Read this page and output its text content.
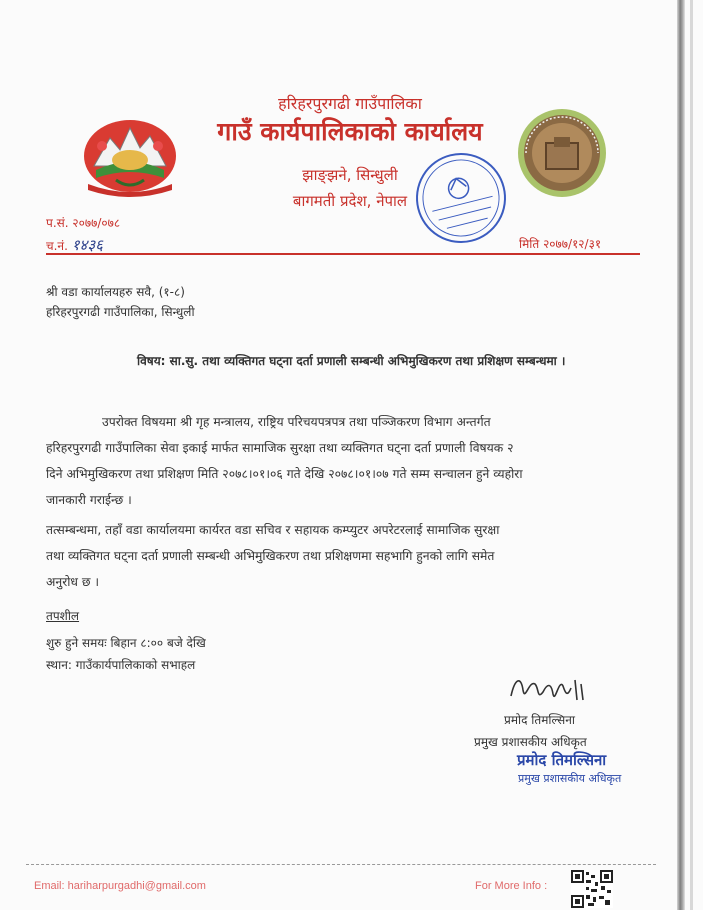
हरिहरपुरगढी गाउँपालिका
गाउँ कार्यपालिकाको कार्यालय
झाङ्झने, सिन्धुली
बागमती प्रदेश, नेपाल
प.सं. २०७७/०७८
च.नं. १४३६	मिति २०७७/१२/३१
श्री वडा कार्यालयहरु सवै, (१-८)
हरिहरपुरगढी गाउँपालिका, सिन्धुली
विषय: सा.सु. तथा व्यक्तिगत घट्ना दर्ता प्रणाली सम्बन्धी अभिमुखिकरण तथा प्रशिक्षण सम्बन्धमा ।
उपरोक्त विषयमा श्री गृह मन्त्रालय, राष्ट्रिय परिचयपत्रपत्र तथा पञ्जिकरण विभाग अन्तर्गत
हरिहरपुरगढी गाउँपालिका सेवा इकाई मार्फत सामाजिक सुरक्षा तथा व्यक्तिगत घट्ना दर्ता प्रणाली विषयक २
दिने अभिमुखिकरण तथा प्रशिक्षण मिति २०७८।०१।०६ गते देखि २०७८।०१।०७ गते सम्म सन्चालन हुने व्यहोरा
जानकारी गराईन्छ ।
तत्सम्बन्धमा, तहाँ वडा कार्यालयमा कार्यरत वडा सचिव र सहायक कम्प्युटर अपरेटरलाई सामाजिक सुरक्षा
तथा व्यक्तिगत घट्ना दर्ता प्रणाली सम्बन्धी अभिमुखिकरण तथा प्रशिक्षणमा सहभागि हुनको लागि समेत
अनुरोध छ ।
तपशील
शुरु हुने समयः बिहान ८:०० बजे देखि
स्थान: गाउँकार्यपालिकाको सभाहल
प्रमोद तिमल्सिना
प्रमुख प्रशासकीय अधिकृत
प्रमोद तिमल्सिना
प्रमुख प्रशासकीय अधिकृत
Email: hariharpurgadhi@gmail.com	For More Info :
